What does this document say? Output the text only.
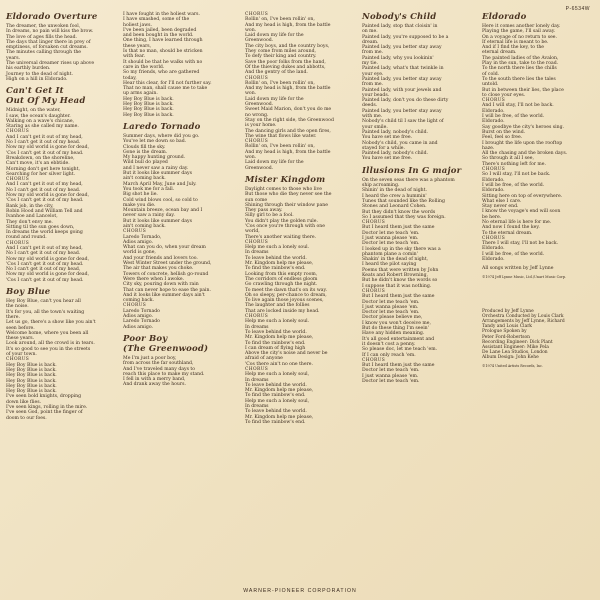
P-6534W
Eldorado Overture
The dreamer, the unwoken fool,
In dreams, no pain will kiss the brow.
The love of ages fills the head.
The days that linger there in prey of
emptiness, of forsaken cut dreams.
The minutes calling through the
years.
The universal dreamer rises up above
his earthly burden.
Journey to the dead of night.
High on a hill in Eldorado.
Can't Get It
Out Of My Head
Midnight, on the water,
I saw, the ocean's daughter.
Walking on a wave's chicane,
Staring as she called my name.
CHORUS
And I can't get it out of my head,
No I can't get it out of my head.
Now my old world is gone for dead,
'Cos I can't get it out of my head.
Breakdown, on the shoreline,
Can't move, it's an ebbtide.
Morning don't get here tonight,
Searching for her silver light.
CHORUS
And I can't get it out of my head,
No I can't get it out of my head.
Now my old world is gone for dead,
'Cos I can't get it out of my head.
Bank job, in the city,
Robin Hood and William Tell and
Ivanhoe and Lancelot,
They don't envy me.
Sitting til the sun goes down,
In dreams the world keeps going
round and round.
CHORUS
And I can't get it out of my head,
No I can't get it out of my head.
Now my old world is gone for dead,
'Cos I can't get it out of my head.
No I can't get it out of my head,
Now my old world is gone for dead,
'Cos I can't get it out of my head.
Boy Blue
Hey Boy Blue, can't you hear all
the noise.
It's for you, all the town's waiting
there.
Let us go, there's a show like you ain't
seen before.
Welcome home, where you been all
these years.
Look around, all the crowd is in tears.
It's so good to see you in the streets
of your town.
CHORUS
Hey Boy Blue is back.
Hey Boy Blue is back.
Hey Boy Blue is back.
Hey Boy Blue is back.
Hey Boy Blue is back.
Hey Boy Blue is back.
I've seen bold knights, dropping
down like flies.
I've seen kings, rolling in the mire.
I've seen God, point the finger of
doom to our foes.
I have fought in the holiest wars.
I have smashed, some of the
holiest jaws.
I've been jailed, been degraded
and been bought in the world.
One thing, I have learned through
these years,
Is that no man, should be stricken
with fear.
It should be that he walks with no
care in the world.
So my friends, who are gathered
today,
Hear this clear, for I'll not further say.
That no man, shall cause me to take
up arms again.
Hey Boy Blue is back.
Hey Boy Blue is back.
Hey Boy Blue is back.
Hey Boy Blue is back.
Laredo Tornado
Summer days, where did you go.
You've let me down so bad.
Clouds fill the sky.
Gone is the dream.
My happy hunting ground.
Wild bull do played
and I never saw a rainy day.
But it looks like summer days
ain't coming back.
March April May, June and July.
You took me for a fall.
Big shot he lie.
Cold wind blows cool, so cold to
make you die.
Mountain breeze, ocean bay and I
never saw a rainy day.
But it looks like summer days
ain't coming back.
CHORUS
Laredo Tornado,
Adios amigo.
What can you do, when your dream
world is gone,
And your friends and lovers too.
West Winter Street under the ground,
The air that makes you choke.
Towers of concrete, hellish go-round
Were there when I awoke.
City sky, pouring down with rain
That can never hope to ease the pain.
And it looks like summer days ain't
coming back.
CHORUS
Laredo Tornado
Adios amigo.
Laredo Tornado
Adios amigo.
Poor Boy
(The Greenwood)
Me I'm just a poor boy,
from across the far southland,
And I've traveled many days to
reach this place to make my stand.
I fell in with a merry band,
And drank away the hours.
CHORUS
Rollin' on, I've been rollin' on,
And my head is high, from the battle
won.
Laid down my life for the
Greenwood.
The city boys, and the country boys,
They come from miles around,
To defy their king and country.
Save the poor folks from the hand,
Of the thieving dukes and abbotts,
And the gentry of the land.
CHORUS
Rollin' on, I've been rollin' on,
And my head is high, from the battle
won.
Laid down my life for the
Greenwood.
Sweet Maid Marion, don't you do me
no wrong.
Stay on the right side, the Greenwood
is your home.
The dancing girls and the open fires,
The wine that flows like water.
CHORUS
Rollin' on, I've been rollin' on,
And my head is high, from the battle
won.
Laid down my life for the
Greenwood.
Mister Kingdom
Daylight comes to those who live
But those who die they never see the
sun come
Shining through their window pane
They pass away.
Silly girl to be a fool.
You didn't play the golden rule.
'Cos once you're through with one
world,
There's another waiting there.
CHORUS
Help me such a lonely soul.
In dreams
To leave behind the world.
Mr. Kingdom help me please,
To find the rainbow's end.
Looking from this empty room,
The corridors of endless gloom
Go crawling through the night.
To meet the dawn that's on its way.
Oh so sleepy, per-chance to dream,
To live again those joyous scenes,
The laughter and the follies
That are locked inside my head.
CHORUS
Help me such a lonely soul.
In dreams
To leave behind the world.
Mr. Kingdom help me please,
To find the rainbow's end.
I can dream of flying high
Above the city's noise and never be
afraid of anyone
'Cos there ain't no one there.
CHORUS
Help me such a lonely soul,
In dreams
To leave behind the world.
Mr. Kingdom help me please,
To find the rainbow's end.
Help me such a lonely soul,
In dreams
To leave behind the world.
Mr. Kingdom help me please,
To find the rainbow's end.
Nobody's Child
Painted lady, stop that cloisin' in
on me.
Painted lady, you're supposed to be a
dream.
Painted lady, you better stay away
from me.
Painted lady, why you lookinin'
my tie.
Painted lady, what's that twinkle in
your eye.
Painted lady, you better stay away
from me.
Painted lady, with your jewels and
your beads.
Painted lady, don't you do these dirty
deeds.
Painted lady, you better stay away
with me.
Nobody's child til I saw the light of
your smile.
Painted lady, nobody's child.
You have set me free.
Nobody's child, you came in and
stayed for a while.
Painted lady, nobody's child.
You have set me free.
Illusions In G major
On the seven seas there was a phantom
ship acroaming.
Shinin' in the dead of night.
I heard the crew a hummin'
Tunes that sounded like the Rolling
Stones and Leonard Cohen.
But they didn't know the words
So I assumed that they was foreign.
CHORUS
But I heard them just the same
Doctor let me teach 'em.
I just wanna please 'em.
Doctor let me teach 'em.
I looked up in the sky there was a
phantom plane a comin'
Shakin' in the dead of night,
I heard the pilot saying
Poems that were written by John
Keats and Robert Browning,
But he didn't know the words so
I suppose that it was nothing.
CHORUS
But I heard them just the same
Doctor let me teach 'em.
I just wanna please 'em.
Doctor let me teach 'em.
Doctor please believe me,
I know you won't deceive me,
But do these thing I'm seein'
Have any hidden meaning.
It's all good entertainment and
it doesn't cost a penny.
So please doc, let me teach 'em.
If I can only reach 'em.
CHORUS
But I heard them just the same
Doctor let me teach 'em.
I just wanna please 'em.
Doctor let me teach 'em.
Eldorado
Here it comes another lonely day.
Playing the game, I'll sail away.
On a voyage of no return to see.
If eternal life is meant to be.
And if I find the key, to the
eternal dream.
The painted ladies of the Avalon,
Play in the sun, take to the road.
To the north there lies the chills
of cold.
To the south there lies the tales
untold.
But in between their lies, the place
to close your eyes.
CHORUS
And I will stay, I'll not be back.
Eldorado.
I will be free, of the world.
Eldorado.
Say goodbye the city's heroes sing.
Burst on the wind.
Feel, feel so free.
I brought the life upon the rooftop
haze.
All the chasing and the broken days.
So through it all I see,
There's nothing left for me.
CHORUS
So I will stay, I'll not be back.
Eldorado.
I will be free, of the world.
Eldorado.
Sitting here on top of everywhere.
What else I care.
Stay never end.
I know the voyage's end will soon
be here.
No eternal life is here for me.
And now I found the key.
To the eternal dream.
CHORUS
There I will stay, I'll not be back.
Eldorado.
I will be free, of the world.
Eldorado.
All songs written by Jeff Lynne
©1974 Jeff Lynne Music, Ltd./Unart Music Corp.
Produced by Jeff Lynne
Orchestra Conducted by Louis Clark
Arrangements by Jeff Lynne, Richard
Tandy and Louis Clark
Prologue Spoken by
Peter Ford-Robertson
Recording Engineer: Dick Plant
Assistant Engineer: Mike Pela
De Lane Lea Studios, London
Album Design: John Kehe
©1974 United Artists Records, Inc.
WARNER-PIONEER CORPORATION
